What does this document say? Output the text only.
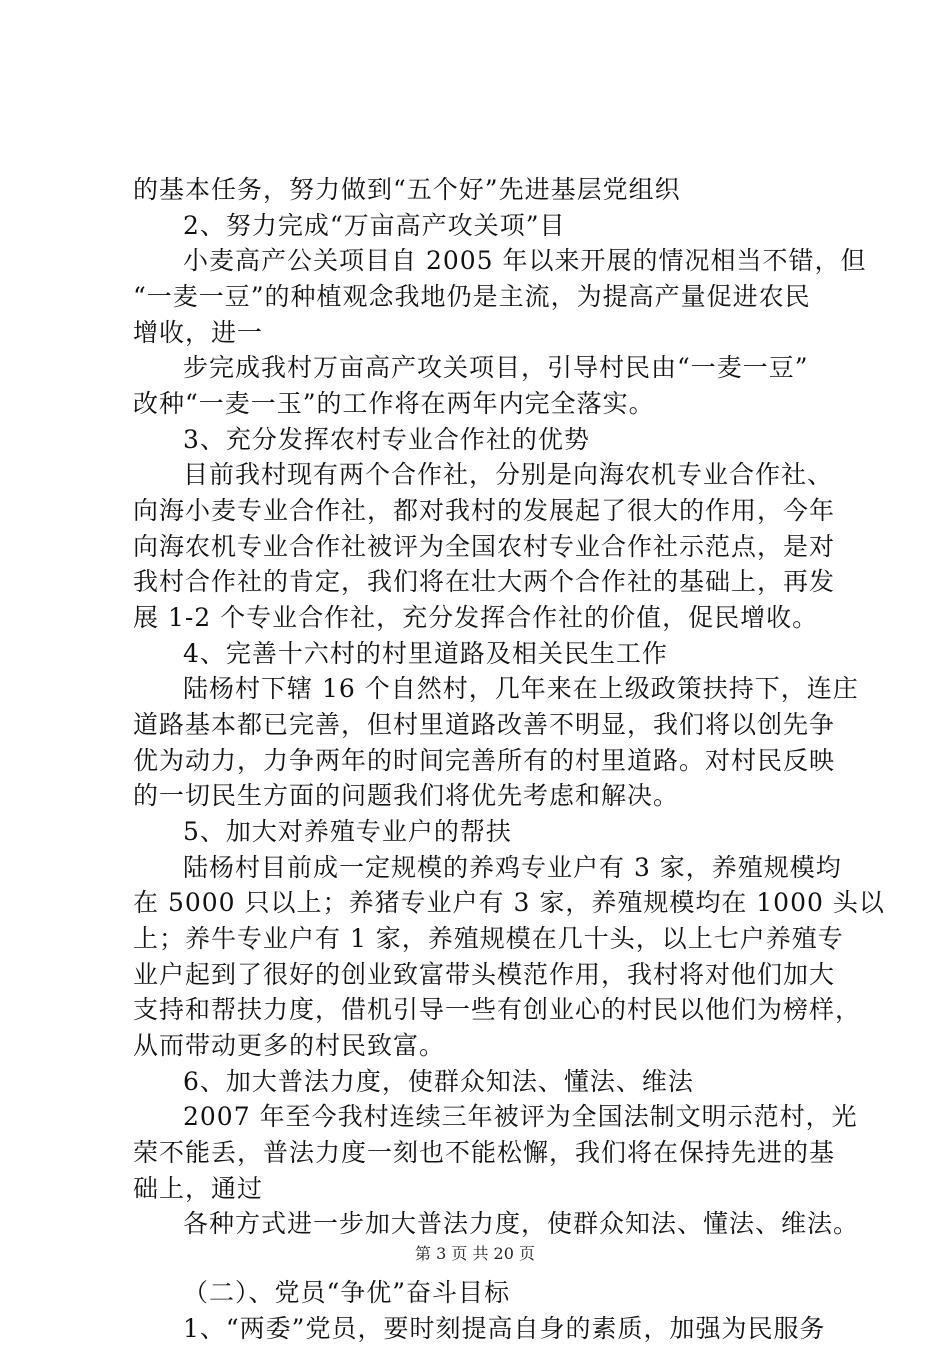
的基本任务，努力做到“五个好”先进基层党组织
2、努力完成“万亩高产攻关项”目
小麦高产公关项目自 2005 年以来开展的情况相当不错，但
“一麦一豆”的种植观念我地仍是主流，为提高产量促进农民
增收，进一
步完成我村万亩高产攻关项目，引导村民由“一麦一豆”
改种“一麦一玉”的工作将在两年内完全落实。
3、充分发挥农村专业合作社的优势
目前我村现有两个合作社，分别是向海农机专业合作社、
向海小麦专业合作社，都对我村的发展起了很大的作用，今年
向海农机专业合作社被评为全国农村专业合作社示范点，是对
我村合作社的肯定，我们将在壮大两个合作社的基础上，再发
展 1-2 个专业合作社，充分发挥合作社的价值，促民增收。
4、完善十六村的村里道路及相关民生工作
陆杨村下辖 16 个自然村，几年来在上级政策扶持下，连庄
道路基本都已完善，但村里道路改善不明显，我们将以创先争
优为动力，力争两年的时间完善所有的村里道路。对村民反映
的一切民生方面的问题我们将优先考虑和解决。
5、加大对养殖专业户的帮扶
陆杨村目前成一定规模的养鸡专业户有 3 家，养殖规模均
在 5000 只以上；养猪专业户有 3 家，养殖规模均在 1000 头以
上；养牛专业户有 1 家，养殖规模在几十头，以上七户养殖专
业户起到了很好的创业致富带头模范作用，我村将对他们加大
支持和帮扶力度，借机引导一些有创业心的村民以他们为榜样，
从而带动更多的村民致富。
6、加大普法力度，使群众知法、懂法、维法
2007 年至今我村连续三年被评为全国法制文明示范村，光
荣不能丢，普法力度一刻也不能松懈，我们将在保持先进的基
础上，通过
各种方式进一步加大普法力度，使群众知法、懂法、维法。
（二）、党员“争优”奋斗目标
1、“两委”党员，要时刻提高自身的素质，加强为民服务
第 3 页 共 20 页
